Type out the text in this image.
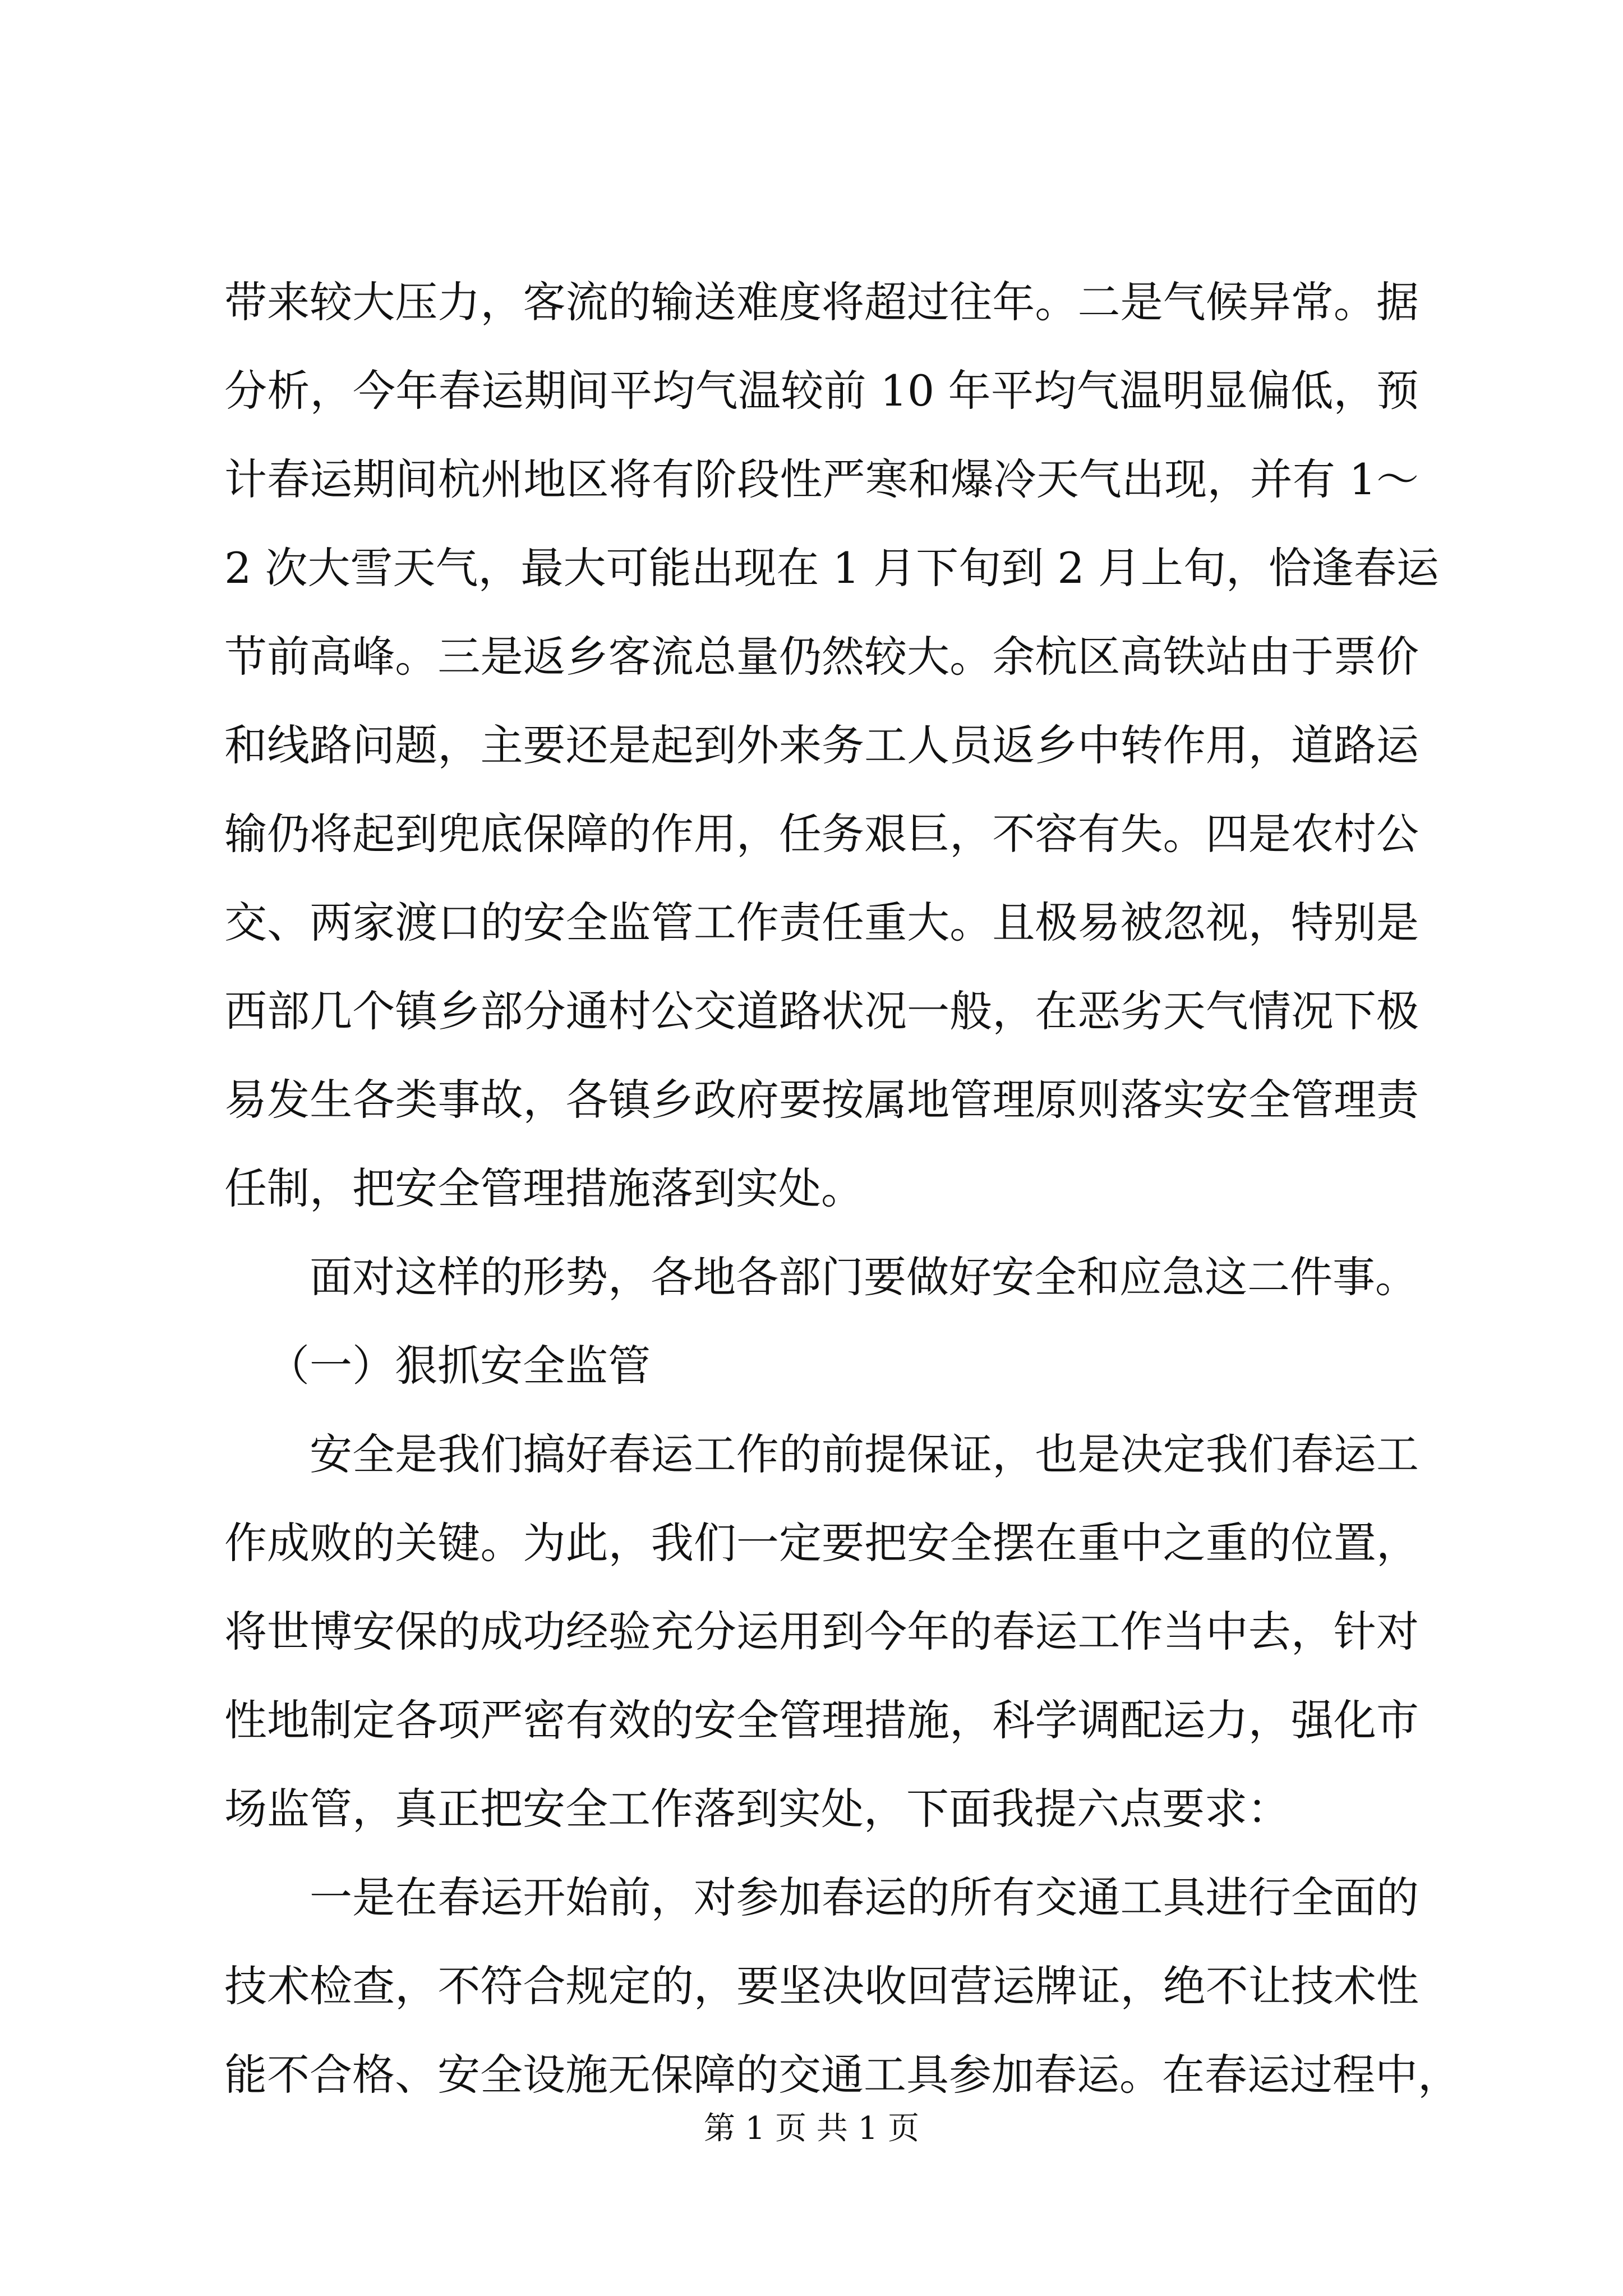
带来较大压力，客流的输送难度将超过往年。二是气候异常。据
分析，今年春运期间平均气温较前 10 年平均气温明显偏低，预
计春运期间杭州地区将有阶段性严寒和爆冷天气出现，并有 1～
2 次大雪天气，最大可能出现在 1 月下旬到 2 月上旬，恰逢春运
节前高峰。三是返乡客流总量仍然较大。余杭区高铁站由于票价
和线路问题，主要还是起到外来务工人员返乡中转作用，道路运
输仍将起到兜底保障的作用，任务艰巨，不容有失。四是农村公
交、两家渡口的安全监管工作责任重大。且极易被忽视，特别是
西部几个镇乡部分通村公交道路状况一般，在恶劣天气情况下极
易发生各类事故，各镇乡政府要按属地管理原则落实安全管理责
任制，把安全管理措施落到实处。
面对这样的形势，各地各部门要做好安全和应急这二件事。
（一）狠抓安全监管
安全是我们搞好春运工作的前提保证，也是决定我们春运工
作成败的关键。为此，我们一定要把安全摆在重中之重的位置，
将世博安保的成功经验充分运用到今年的春运工作当中去，针对
性地制定各项严密有效的安全管理措施，科学调配运力，强化市
场监管，真正把安全工作落到实处，下面我提六点要求：
一是在春运开始前，对参加春运的所有交通工具进行全面的
技术检查，不符合规定的，要坚决收回营运牌证，绝不让技术性
能不合格、安全设施无保障的交通工具参加春运。在春运过程中，
第 1 页 共 1 页
